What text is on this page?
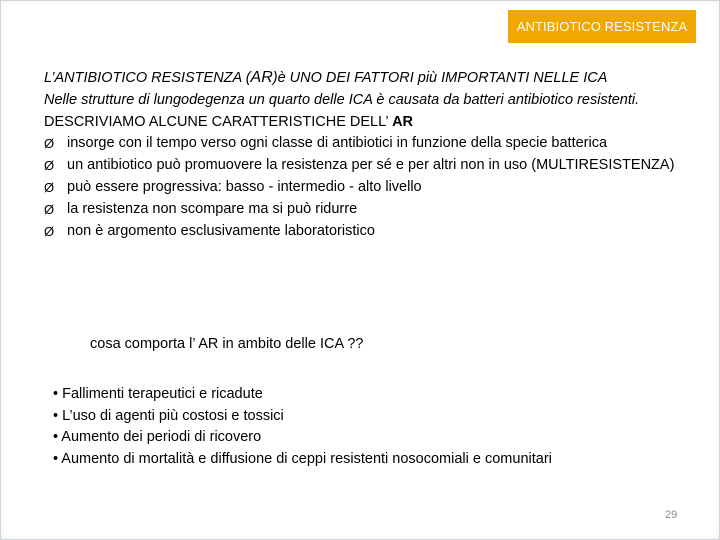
ANTIBIOTICO RESISTENZA
L’ANTIBIOTICO RESISTENZA (AR)è UNO DEI FATTORI più IMPORTANTI NELLE ICA
Nelle strutture di lungodegenza un quarto delle ICA è causata da batteri antibiotico resistenti.
DESCRIVIAMO ALCUNE CARATTERISTICHE DELL’ AR
Ø insorge con il tempo verso ogni classe di antibiotici in funzione della specie batterica
Ø un antibiotico può promuovere la resistenza per sé e per altri non in uso (MULTIRESISTENZA)
Ø può essere progressiva: basso - intermedio - alto livello
Ø la resistenza non scompare ma si può ridurre
Ø non è argomento esclusivamente laboratoristico
cosa comporta l’ AR in ambito delle ICA ??
• Fallimenti terapeutici e ricadute
• L’uso di agenti più costosi e tossici
• Aumento dei periodi di ricovero
• Aumento di mortalità e diffusione di ceppi resistenti nosocomiali e comunitari
29
